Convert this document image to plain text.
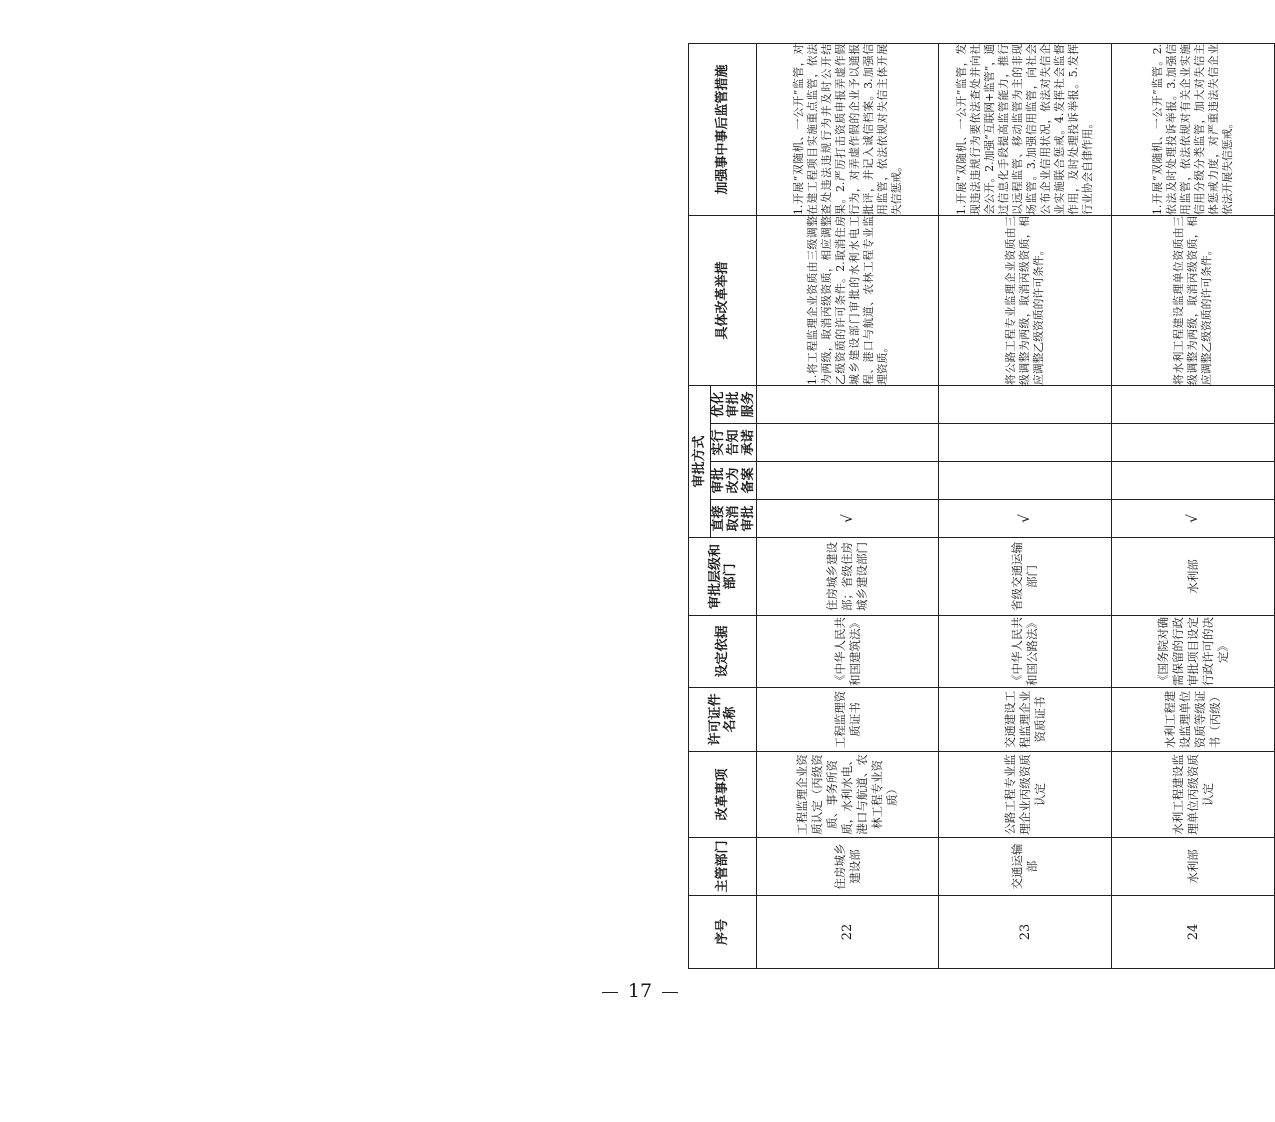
序号	主管部门	改革事项	许可证件名称	设定依据	审批层级和部门	审批方式				具体改革举措	加强事中事后监管措施
						直接取消审批	审批改为备案	实行告知承诺	优化审批服务		
22	住房城乡建设部	工程监理企业资质认定（丙级资质、事务所资质，水利水电、港口与航道、农林工程专业资质）	工程监理资质证书	《中华人民共和国建筑法》	住房城乡建设部；省级住房城乡建设部门	√				1.将工程监理企业资质由三级调整为两级，取消丙级资质，相应调整乙级资质的许可条件。2.取消住房城乡建设部门审批的水利水电工程、港口与航道、农林工程专业监理资质。	1.开展“双随机、一公开”监管，对在建工程项目实施重点监管，依法查处违法违规行为并及时公开结果。2.严厉打击资质申报弄虚作假行为，对弄虚作假的企业予以通报批评，并记入诚信档案。3.加强信用监管，依法依规对失信主体开展失信惩戒。
23	交通运输部	公路工程专业监理企业丙级资质认定	交通建设工程监理企业资质证书	《中华人民共和国公路法》	省级交通运输部门	√				将公路工程专业监理企业资质由三级调整为两级，取消丙级资质，相应调整乙级资质的许可条件。	1.开展“双随机、一公开”监管，发现违法违规行为要依法查处并向社会公开。2.加强“互联网+监管”，通过信息化手段提高监管能力，推行以远程监管、移动监管为主的非现场监管。3.加强信用监管，向社会公布企业信用状况，依法对失信企业实施联合惩戒。4.发挥社会监督作用，及时处理投诉举报。5.发挥行业协会自律作用。
24	水利部	水利工程建设监理单位丙级资质认定	水利工程建设监理单位资质等级证书（丙级）	《国务院对确需保留的行政审批项目设定行政许可的决定》	水利部	√				将水利工程建设监理单位资质由三级调整为两级，取消丙级资质，相应调整乙级资质的许可条件。	1.开展“双随机、一公开”监管。2.依法及时处理投诉举报。3.加强信用监管，依法依规对有关企业实施信用分级分类监管，加大对失信主体惩戒力度，对严重违法失信企业依法开展失信惩戒。
17
